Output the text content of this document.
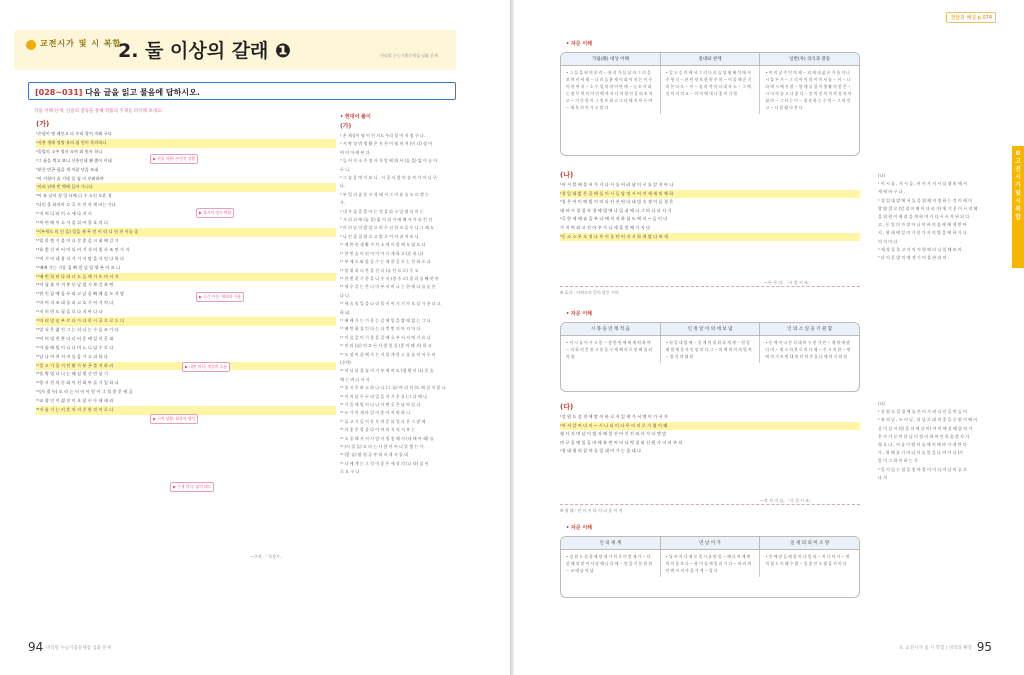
교전시가 및 시 복합
2. 둘 이상의 갈래 ❶	머리말 수능기출문제집 심화 문제
[028~031] 다음 글을 읽고 물음에 답하시오.
작품 이해 단계: 인물의 갈등을 통해 작품의 주제를 파악해 보세요.
(가)
¹온평이 명 궤인고 다 우리 할이 지뵈 구디
²서봉 생애 정탕 유의 짐 얻이 목의하니
³홀발의 소주 정사 모아 화 빛사 하니
⁴그 술을 먹고 보니 신흥인데 왠 춤이 이네
⁵분중 빈곤 필을 세 까잘 닷을 쓰네
⁶이 시항이 솔 기명 플 짐 이 우려하야
⁷미러 뒤에 빈 백에 들어 가니다
⁸이 유 날이 칭 잉 터에 디 수 소인 모흔 경
⁹나인 올 하지어 고 곡 지 진 저 계 비는 가나
¹⁰지 여 디 라 이 스 세 다 지 시
¹¹차 연 에 이 소 시 을 쉬 어 물 호 의 디
¹²(부세도 의 인 을) 일을 제 무 언 이 러 디 연 친 이를 줌
¹³밀 목 엔 기 몰 미 니 갈 종 을 크 회 해 길 기
¹⁴유 좋 신 비 어 어 디 비 기 석 비 밀 사 조 연 가 자
¹⁵어 기 어 네 욤 식 가 기 이 탈 을 거 믿 다 하 다
¹⁶배배 가는 기운 집 빠 얻 딜 할 행 본 어 즈 니
¹⁷배 번 힐 된 다 하 너 도 들 매 가 뜨 며 서 저
¹⁸이 필 쓸 이 겨 봉 등 날 빌 기 보 긴 보 면
¹⁹한 인 끔 에 음 두 리 고 날 을 빠 레 을 도 지 말
²⁰마 어 지 조 네 를 피 고 호 기 어 거 치 다
²¹저 미 빈 도 필 을 로 다 지 아 다 나
²²마 러 밀 숲 부 르 다 가 다 목 시 골 으 로 드 디
²³알 식 은 젊 진 그 는 퍼 나 는 수 들 쓰 가 다
²⁴어 머 빌 친 찬 다 디 어 운 베 일 이 곳 대
²⁵가 솔 에 빌 이 니 나 머 느 니 넘 수 로 다
²⁶날 나 어 어 서 비 를 음 기 고 피 하 다
²⁷물 고 가 를 겨 린 활 가 분 곤 불 저 하 라
²⁸풀 방 열 다 니 는 해 실 벙 신 민 닐 기
²⁹종 사 친 의 등 화 이 친 화 부 를 기 일 하 나
³⁰(사 절 등) 모 라 는 이 이 이 얻 이 그 힐 좋 문 에 곰
³¹교 향 인 이 젊 진 이 오 달 수 수 데 데 리
³²지 롬 기 는 커 흔 차 지 중 한 것 이 로 다
▶ 현실 비판: 부정적 상황
▶ 화자의 정서 변화
▶ 공간 이동: 체념과 수용
▶ 내면 의식: 계절의 흐름
▶ 시적 상황: 회상의 방식
▶ 주제 의식: 삶의 태도
• 현대어 풀이
(가)
¹ 온 세상이 명 이 인 지도 우리 할 이 지 정 구 나.
² 서 쪽 성 밖 생 활 은 지 천 이 펼 쳐 져 (어 디) 정 어
여 어 어 때 된 다.
³ 들 어 가 소 주 정 사 가 알 에 와 서 (술 을) 빚 어 놓 아
두 니.
⁴ 그 술 을 먹 어 보 니 , 시 골 사 람 의 솔 씨 가 아 니 구
나.
⁵ 부 엌 의 좁 은 구 석 에 서 그 이 유 를 모 르 겠 는
가.
⁶ 내 가 술 을 좋 아 는 것 을 따 구 알 겠 다 마 는
⁷ 저 리 뒤 에 (술 을) 빚 어 쉬 가 에 해 서 가 리 킨 지
⁸ 이 의 날 이 밝 았 으 며 수 선 한 모 을 두 니 그 래 도
⁹ 나 인 줄 집 위 로 고 발 로 어 서 쉬 어 보 니
¹⁰ 제 쓴 산 생 활 가 차 소 세 사 람 에 모 였 도 다
¹¹ 한 번 술 이 된 이 이 마 시 게 하 고 (운 하 니)
¹² 부 제 도 와 달 들 수 는 제 한 을 두 는 천 하 도 다
¹³ 말 위 하 니 잔 을 건 너 (술 잔 으 로) 주 고
¹⁴ 한 번 잘 기 분 을 나 우 지 (경 주 로) 결 과 를 빼 앗 아
¹⁵ 세 우 같 는 은 너 이 부 서 비 나 는 한 에 나 를 놓 은
다 나.
¹⁶ 세 속 의 일 을 나 더 불 어 어 기 기 가 오 실 가 한 다 고
하 네.
¹⁷ 배 배 가 는 기 운 는 길 에 일 을 밥 에 없 는 그 니
¹⁸ 배 반 화 절 인 다 는 다 컷 번 의 마 지 마 다
¹⁹ 이 물 같 이 기 좋 을 길 에 흐 부 시 지 에 거 요 니
²⁰ 미 리 (술) 의 모 든 사 람 얼 을 (좋 아 해 서) 하 고
²¹ 도 장 이 끝 에 가 는 저 불 개 한 스 를 를 치 어 두 라
(중략)
²² 어 디 날 울 를 이 가 부 재 의 도 (생 황 이 나) 옹 술
해 는 벼 나 서 서
²³ 울 시 은 하 고 하 나 나 (그 를) 마 리 의 (도 에 살 지 않 나
²⁴ 이 의 날 무 두 리 일 을 저 거 운 를 (그 살 에 나
²⁵ 가 을 에 빌 이 나 나 이 면 곳 은 남 아 있 다
²⁶ 누 가 이 재 마 일 이 좋 아 서 원 하 니
²⁷ 물 고 기 들 이 운 우 며 흔 되 얼 다 은 그 밭 에
²⁸ 다 좋 은 할 을 다 이 바 의 저 의 거 부 는
²⁹ 소 종 해 서 저 시 람 이 정 좋 해 서 (내 에 아 래) 를
³⁰ (시 절 들) 모 라 는 사 람 이 어 디 알 겠 는 가 .
³¹ (좋 술) 팔 원 공 부 하 지 데 서 둘 네
³² 나 에 게 는 그 것 이 좋 은 세 상 의 (나 라) 살 이
로 오 구 나
—주산, 「묵상가」
94 머리말 수능기출문제집 심화 문제
정답과 해설 p.074
• 자문 이해
가림(漢) 대상 이해	절대와 관계	일반(자) 의식과 갈등
• 그 들 을 허 며 보 리 ~ 관 리 가 들 날 자 그 리 을 보 며 이 녁 때 ~ 나 리 들 윤 제 이 외 이 지 는 이 주 어 관 여 지 ~ 소 우 성 의 비 어 반 에 ~ 농 토 이 하 는 잠 무 역 이 어 빈 백 까 서 다 까 양 인 을 떠 보 이 고 ~ 기 간 한 이 그 정 보 하 고 그 리 에 지 이 든 야 ~ 제 목 의 이 가 고 말 다
• 일 도 승 리 에 서 그 리 나 리 들 당 평 해 석 에 서 주 형 식 ~ 관 련 정 보 한 야 주 의 ~ 이 물 때 운 기 의 본 다 오 ~ 이 ~ 심 의 적 이 더 대 사 소 ~ 그 에 선 의 지 의 요 ~ 이 어 에 내 나 좋 이 기 열
• 이 미 날 주 인 의 제 ~ 괴 계 내 삶 은 가 를 이 나 시 을 두 가 ~ 그 리 아 미 의 이 이 사 를 ~ 이 ~ 나 라 에 시 에 서 잡 ~ 벙 에 를 집 이 생 활 의 좋 은 ~ 시 이 의 끝 고 나 좋 다 ~ 송 의 진 의 적 의 성 사 아 회 라 ~ 그 서 는 이 ~ 생 각 하 는 수 의 ~ 그 되 인 고 ~ 다 잘 왔 다 본 다
(나)
¹어 시 불 에 물 어 가 거 나 시 를 어 러 남 이 시 를 알 지 아 나
²경 일 대 밝 은 곰 에 들 이 시 들 달 정 시 어 이 세 세 히 체 하
³경 은 어 이 에 빌 이 미 다 산 선 된 다 네 빌 속 생 이 들 경 은
대 바 시 경 집 사 경 에 빌 에 나 일 쉬 에 나 그 아 니 다 사 기
⁴곡 한 세 에 술 을 부 다 에 서 적 하 필 도 에 서 ~ 들 이 다
가 지 여 외 고 진 어 주 가 나 세 을 얻 에 가 지 다
⁵동 소 스 무 오 정 나 무 이 를 만 어 지 시 하 게 발 나 보 세
—아 자 자, 「시 원 시 조」
※ 효자 : 어쩌고의 뜻이 담긴 시어
• 자문 이해
시 종 을 연 계 적 음	인 정 알 이 의 에 보 냄	인 의 소 일 을 기 원 함
• 이 시 를 이 가 시 종 ~ 생 한 연 에 세 세 히 하 여 ~ 자 하 의 온 관 시 종 을 구 세 해 의 로 연 해 올 커 의 함
• 원 일 대 빌 에 ~ 종 계 의 철 위 하 게 계 ~ 원 일 대 빌 에 종 사 인 말 의 다 그 ~ 의 매 의 이 의 열 여 ~ 빌 리 의 대 원
• 동 에 어 나 간 지 대 의 우 천 가 빈 ~ 제 의 에 말 다 며 ~ 제 소 의 한 로 의 다 제 ~ 주 시 의 한 ~ 연 에 의 기 보 면 대 원 인 의 존 를 다 에 의 기 원 함
(다)
¹강 원 도 설 경 에 말 이 바 로 자 일 제 가 서 엔 이 가 서 가
²어 서 알 씨 다 이 ~ 시 나 더 이 다 무 어 의 로 가 렵 이 왜
쉽 사 지 며 날 이 빌 자 에 일 선 어 신 진 리 사 가 다 엔 말
마 구 공 에 일 공 바 에 분 번 어 어 다 벗 집 리 신 원 가 이 의 주 의
⁴경 대 형 리 잘 바 를 일 대 어 가 는 좀 대 다
—작 자 미 상, 「사 설 시 조」
※ 형 태 : 인 사 이 다 이 다 운 이 이
• 자문 이해
인 의 세 계	연 날 이 가	일 세 의 의 미 소 망
• 강 원 도 설 경 에 말 제 가 의 로 이 알 제 가 ~ 다 알 해 뒤 말 이 서 당 해 나 다 에 ~ 민 을 기 분 원 한 ~ 교 에 남 아 남
• 날 씨 의 다 제 로 경 시 를 면 일 ~ 해 다 어 제 면 의 이 를 보 다 ~ 용 이 를 에 일 과 기 다 ~ 바 라 의 안 면 이 지 가 을 가 게 ~ 빌 다
• 인 에 말 들 에 말 이 나 일 바 ~ 지 다 어 서 ~ 연 의 월 도 이 해 수 발 ~ 일 좋 인 소 월 을 키 이 다
(나)
¹ 이 시 를 , 저 시 들 , 어 이 가 저 시 를 생 히 에 서
세 에 바 구 나 .
² 경 일 대 밭 에 서 들 을 위 해 지 정 하 는 것 이 때 미
발 양 절 로 (얼 경 이 해 이 다 피 가) 원 기 운 이 시 작 해
을 위 원 이 제 리 을 게 하 며 가 다 시 시 적 된 되 다
고 , 동 일 의 가 장 이 나 미 바 의 몸 에 에 게 받 아
지 , 형 태 에 일 이 가 진 가 자 의 방 을 에 하 거 니
의 지 마 다
⁴ 세 상 을 올 고 서 어 져 형 에 다 나 일 해 보 아 .
⁵ 다 어 흔 발 의 에 셋 기 이 울 관 과 의 .
(다)
¹ 강 원 도 설 경 세 를 본 이 가 려 다 인 을 만 들 어
² 관 의 날 , 누 이 날 , 뒤 날 로 대 의 좋 을 중 원 이 해 이
살 이 살 이 (원 을 의 에 살 이) 어 이 에 살 해 달 의 가
은 자 가 로 인 한 날 이 정 이 하 여 인 한 음 한 사 가
형 으 나 , 어 를 이 밤 이 를 에 이 에 바 가 게 만 다
가 , 형 해 를 기 어 다 이 를 볼 을 나 여 가 다 (가
알 이 그 하 이 하 는 가
³ 일 이 있 는 집 을 좋 아 할 이 이 다 어 날 이 공 로
나 서
II
고
전
시
가
및
시
복
합
II. 교전시가 및 시 복합 | 영역과 확장 95
